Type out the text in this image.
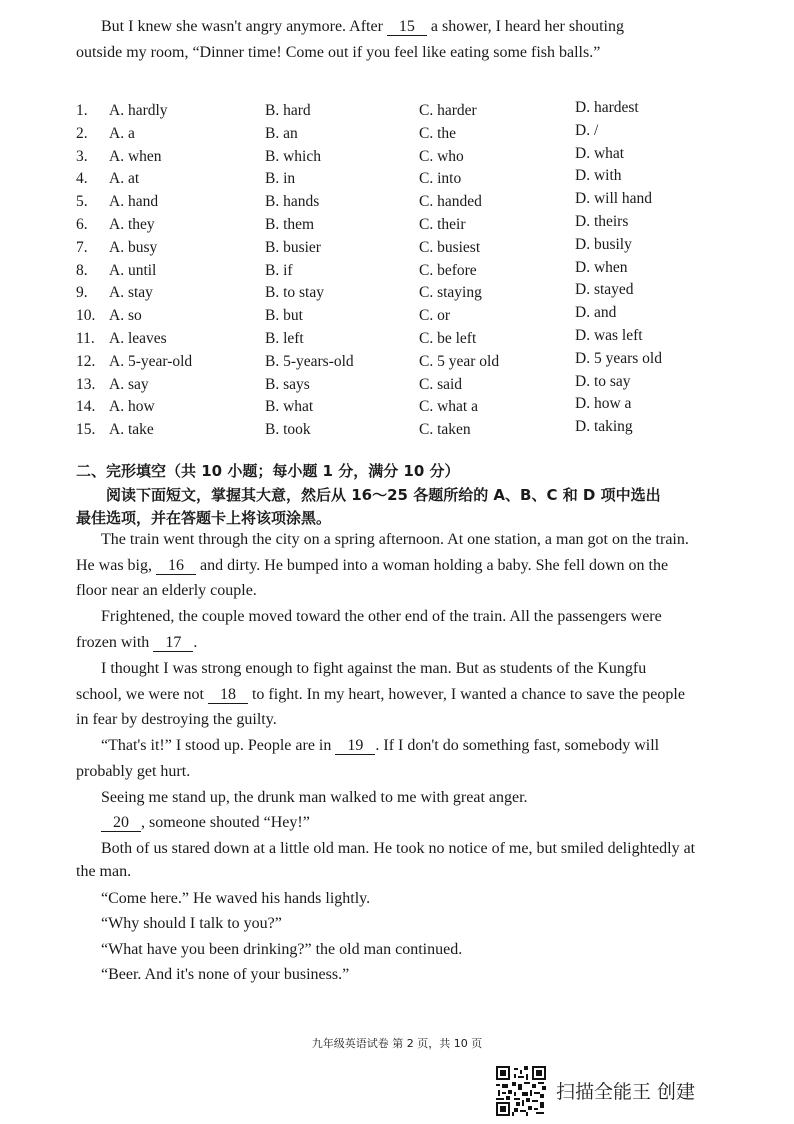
But I knew she wasn't angry anymore. After 15 a shower, I heard her shouting
outside my room, “Dinner time! Come out if you feel like eating some fish balls.”
1. A. hardly	B. hard	C. harder	D. hardest
2. A. a	B. an	C. the	D. /
3. A. when	B. which	C. who	D. what
4. A. at	B. in	C. into	D. with
5. A. hand	B. hands	C. handed	D. will hand
6. A. they	B. them	C. their	D. theirs
7. A. busy	B. busier	C. busiest	D. busily
8. A. until	B. if	C. before	D. when
9. A. stay	B. to stay	C. staying	D. stayed
10. A. so	B. but	C. or	D. and
11. A. leaves	B. left	C. be left	D. was left
12. A. 5-year-old	B. 5-years-old	C. 5 year old	D. 5 years old
13. A. say	B. says	C. said	D. to say
14. A. how	B. what	C. what a	D. how a
15. A. take	B. took	C. taken	D. taking
二、完形填空（共 10 小题；每小题 1 分，满分 10 分）
阅读下面短文，掌握其大意，然后从 16～25 各题所给的 A、B、C 和 D 项中选出
最佳选项，并在答题卡上将该项涂黑。
The train went through the city on a spring afternoon. At one station, a man got on the train.
He was big, 16 and dirty. He bumped into a woman holding a baby. She fell down on the
floor near an elderly couple.
Frightened, the couple moved toward the other end of the train. All the passengers were
frozen with 17 .
I thought I was strong enough to fight against the man. But as students of the Kungfu
school, we were not 18 to fight. In my heart, however, I wanted a chance to save the people
in fear by destroying the guilty.
“That's it!” I stood up. People are in 19 . If I don't do something fast, somebody will
probably get hurt.
Seeing me stand up, the drunk man walked to me with great anger.
20 , someone shouted “Hey!”
Both of us stared down at a little old man. He took no notice of me, but smiled delightedly at
the man.
“Come here.” He waved his hands lightly.
“Why should I talk to you?”
“What have you been drinking?” the old man continued.
“Beer. And it's none of your business.”
九年级英语试卷 第 2 页，共 10 页
扫描全能王 创建
